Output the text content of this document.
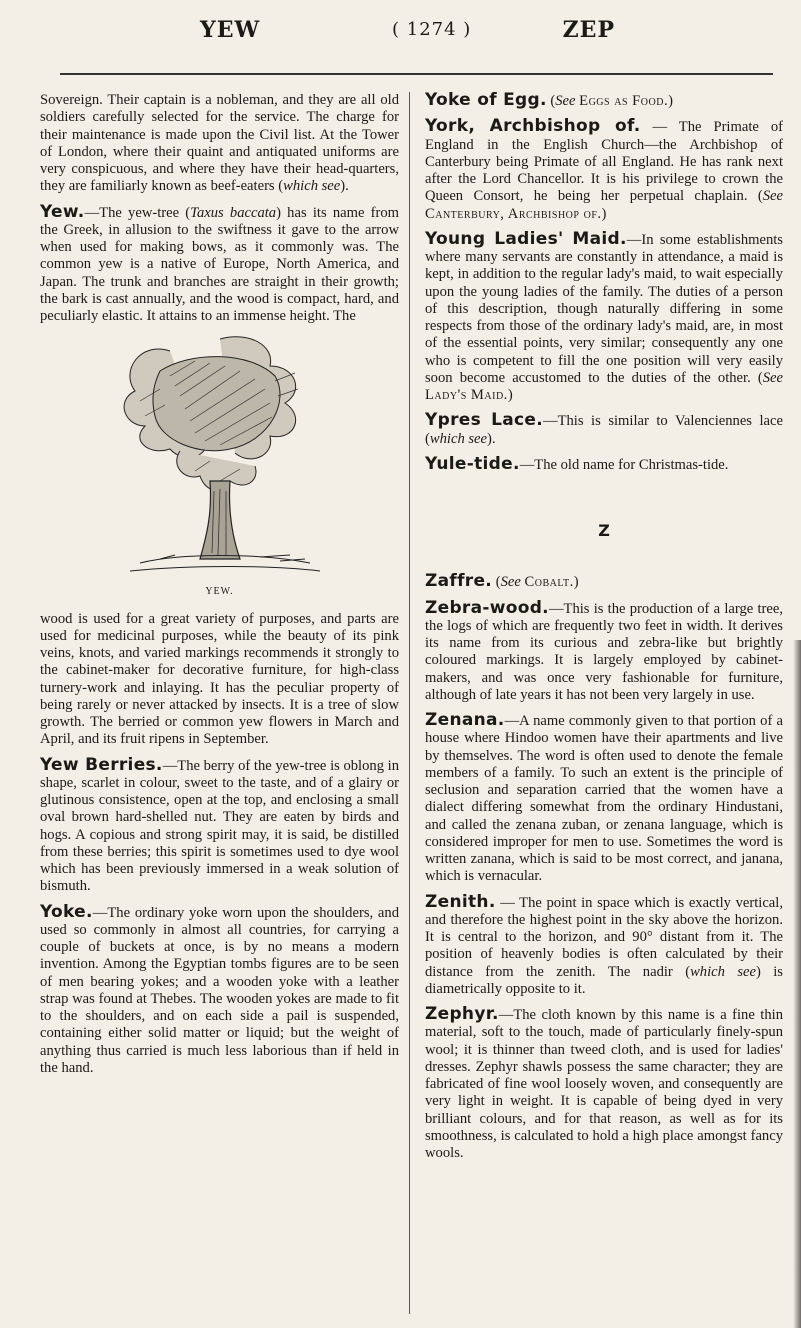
YEW	( 1274 )	ZEP

Sovereign. Their captain is a nobleman, and they are all old soldiers carefully selected for the service. The charge for their maintenance is made upon the Civil list. At the Tower of London, where their quaint and antiquated uniforms are very conspicuous, and where they have their head-quarters, they are familiarly known as beef-eaters (which see).

Yew.—The yew-tree (Taxus baccata) has its name from the Greek, in allusion to the swiftness it gave to the arrow when used for making bows, as it commonly was. The common yew is a native of Europe, North America, and Japan. The trunk and branches are straight in their growth; the bark is cast annually, and the wood is compact, hard, and peculiarly elastic. It attains to an immense height. The

YEW.

wood is used for a great variety of purposes, and parts are used for medicinal purposes, while the beauty of its pink veins, knots, and varied markings recommends it strongly to the cabinet-maker for decorative furniture, for high-class turnery-work and inlaying. It has the peculiar property of being rarely or never attacked by insects. It is a tree of slow growth. The berried or common yew flowers in March and April, and its fruit ripens in September.

Yew Berries.—The berry of the yew-tree is oblong in shape, scarlet in colour, sweet to the taste, and of a glairy or glutinous consistence, open at the top, and enclosing a small oval brown hard-shelled nut. They are eaten by birds and hogs. A copious and strong spirit may, it is said, be distilled from these berries; this spirit is sometimes used to dye wool which has been previously immersed in a weak solution of bismuth.

Yoke.—The ordinary yoke worn upon the shoulders, and used so commonly in almost all countries, for carrying a couple of buckets at once, is by no means a modern invention. Among the Egyptian tombs figures are to be seen of men bearing yokes; and a wooden yoke with a leather strap was found at Thebes. The wooden yokes are made to fit to the shoulders, and on each side a pail is suspended, containing either solid matter or liquid; but the weight of anything thus carried is much less laborious than if held in the hand.

Yoke of Egg. (See Eggs as Food.)

York, Archbishop of. — The Primate of England in the English Church—the Archbishop of Canterbury being Primate of all England. He has rank next after the Lord Chancellor. It is his privilege to crown the Queen Consort, he being her perpetual chaplain. (See Canterbury, Archbishop of.)

Young Ladies' Maid.—In some establishments where many servants are constantly in attendance, a maid is kept, in addition to the regular lady's maid, to wait especially upon the young ladies of the family. The duties of a person of this description, though naturally differing in some respects from those of the ordinary lady's maid, are, in most of the essential points, very similar; consequently any one who is competent to fill the one position will very easily soon become accustomed to the duties of the other. (See Lady's Maid.)

Ypres Lace.—This is similar to Valenciennes lace (which see).

Yule-tide.—The old name for Christmas-tide.

Z

Zaffre. (See Cobalt.)

Zebra-wood.—This is the production of a large tree, the logs of which are frequently two feet in width. It derives its name from its curious and zebra-like but brightly coloured markings. It is largely employed by cabinet-makers, and was once very fashionable for furniture, although of late years it has not been very largely in use.

Zenana.—A name commonly given to that portion of a house where Hindoo women have their apartments and live by themselves. The word is often used to denote the female members of a family. To such an extent is the principle of seclusion and separation carried that the women have a dialect differing somewhat from the ordinary Hindustani, and called the zenana zuban, or zenana language, which is considered improper for men to use. Sometimes the word is written zanana, which is said to be most correct, and janana, which is vernacular.

Zenith. — The point in space which is exactly vertical, and therefore the highest point in the sky above the horizon. It is central to the horizon, and 90° distant from it. The position of heavenly bodies is often calculated by their distance from the zenith. The nadir (which see) is diametrically opposite to it.

Zephyr.—The cloth known by this name is a fine thin material, soft to the touch, made of particularly finely-spun wool; it is thinner than tweed cloth, and is used for ladies' dresses. Zephyr shawls possess the same character; they are fabricated of fine wool loosely woven, and consequently are very light in weight. It is capable of being dyed in very brilliant colours, and for that reason, as well as for its smoothness, is calculated to hold a high place amongst fancy wools.
